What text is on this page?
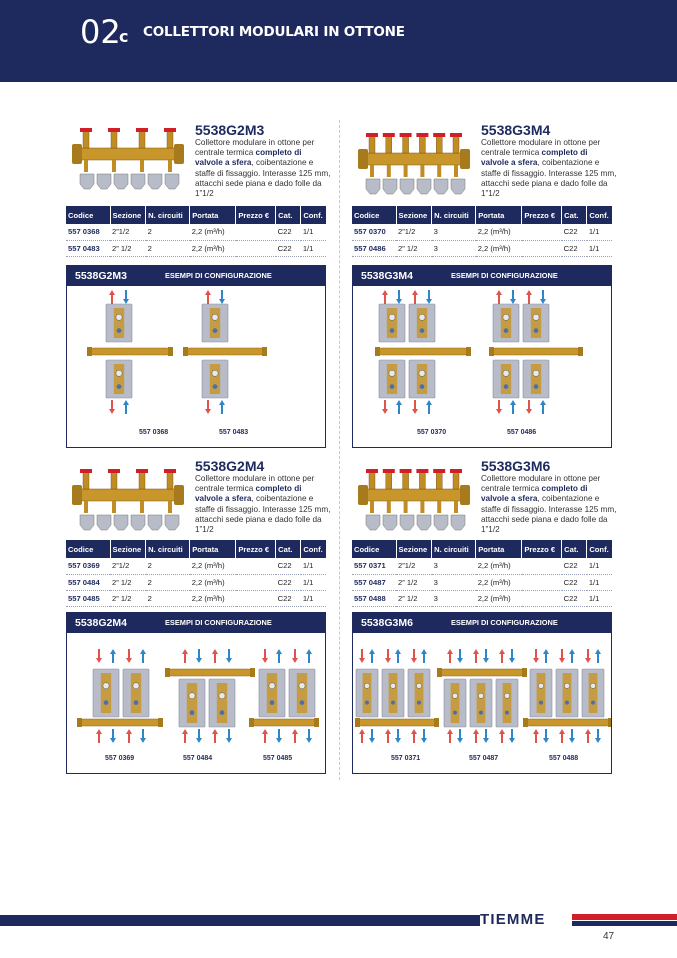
02
c COLLETTORI MODULARI IN OTTONE
5538G2M3
Collettore modulare in ottone per centrale termica completo di valvole a sfera, coibentazione e staffe di fissaggio. Interasse 125 mm, attacchi sede piana e dado folle da 1”1/2
Codice	Sezione	N. circuiti	Portata	Prezzo €	Cat.	Conf.
557 0368	2”1/2	2	2,2 (m³/h)		C22	1/1
557 0483	2” 1/2	2	2,2 (m³/h)		C22	1/1
5538G2M3	ESEMPI DI CONFIGURAZIONE
557 0368	557 0483
5538G3M4
Collettore modulare in ottone per centrale termica completo di valvole a sfera, coibentazione e staffe di fissaggio. Interasse 125 mm, attacchi sede piana e dado folle da 1”1/2
Codice	Sezione	N. circuiti	Portata	Prezzo €	Cat.	Conf.
557 0370	2”1/2	3	2,2 (m³/h)		C22	1/1
557 0486	2” 1/2	3	2,2 (m³/h)		C22	1/1
5538G3M4	ESEMPI DI CONFIGURAZIONE
557 0370	557 0486
5538G2M4
Collettore modulare in ottone per centrale termica completo di valvole a sfera, coibentazione e staffe di fissaggio. Interasse 125 mm, attacchi sede piana e dado folle da 1”1/2
Codice	Sezione	N. circuiti	Portata	Prezzo €	Cat.	Conf.
557 0369	2”1/2	2	2,2 (m³/h)		C22	1/1
557 0484	2” 1/2	2	2,2 (m³/h)		C22	1/1
557 0485	2” 1/2	2	2,2 (m³/h)		C22	1/1
5538G2M4	ESEMPI DI CONFIGURAZIONE
557 0369	557 0484	557 0485
5538G3M6
Collettore modulare in ottone per centrale termica completo di valvole a sfera, coibentazione e staffe di fissaggio. Interasse 125 mm, attacchi sede piana e dado folle da 1”1/2
Codice	Sezione	N. circuiti	Portata	Prezzo €	Cat.	Conf.
557 0371	2”1/2	3	2,2 (m³/h)		C22	1/1
557 0487	2” 1/2	3	2,2 (m³/h)		C22	1/1
557 0488	2” 1/2	3	2,2 (m³/h)		C22	1/1
5538G3M6	ESEMPI DI CONFIGURAZIONE
557 0371	557 0487	557 0488
TIEMME
47
